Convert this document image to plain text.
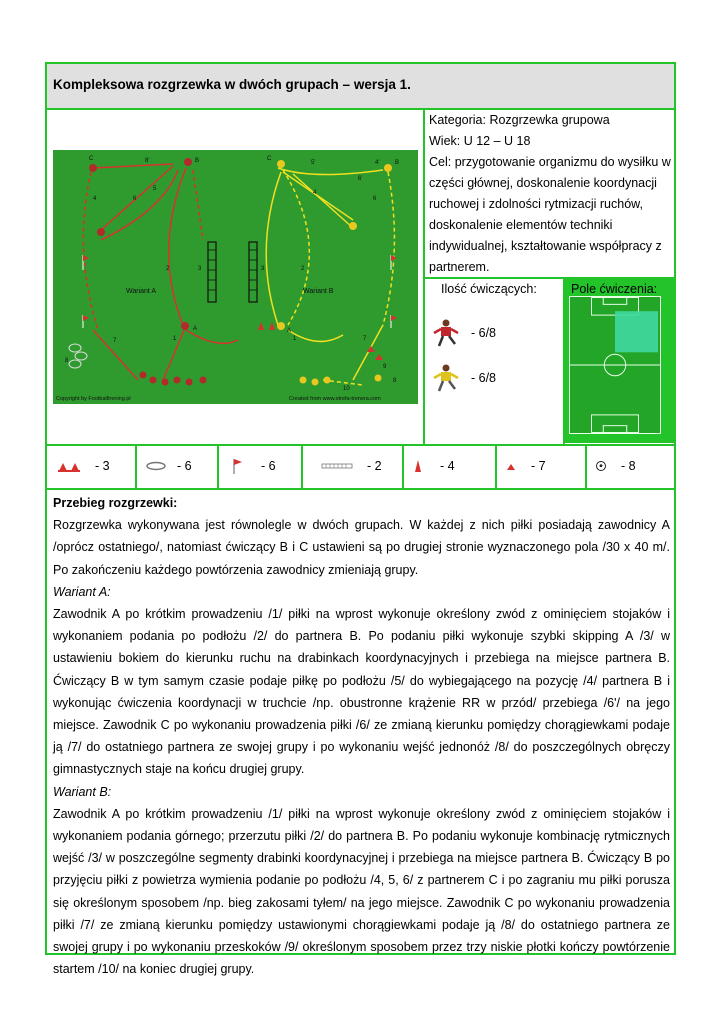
Kompleksowa rozgrzewka w dwóch grupach – wersja 1.
Wariant A	Wariant B
Copyright by Footballtrening.pl	Created from www.strefa-trenera.com
C	B
8'
6
4
5
3
2
1
7
8
A
C
B
5'
6'
4'
4
6
3	2
1	7
9
10
8
A
Kategoria: Rozgrzewka grupowa
Wiek: U 12 – U 18
Cel: przygotowanie organizmu do wysiłku w
części głównej, doskonalenie koordynacji
ruchowej i zdolności rytmizacji ruchów,
doskonalenie elementów techniki
indywidualnej, kształtowanie współpracy z
partnerem.
Ilość ćwiczących:
- 6/8
- 6/8
Pole ćwiczenia:
- 3	- 6	- 6	- 2	- 4	- 7	- 8

Przebieg rozgrzewki:

Rozgrzewka wykonywana jest równolegle w dwóch grupach. W każdej z nich piłki posiadają zawodnicy A /oprócz ostatniego/, natomiast ćwiczący B i C ustawieni są po drugiej stronie wyznaczonego pola /30 x 40 m/. Po zakończeniu każdego powtórzenia zawodnicy zmieniają grupy.

Wariant A:

Zawodnik A po krótkim prowadzeniu /1/ piłki na wprost wykonuje określony zwód z ominięciem stojaków i wykonaniem podania po podłożu /2/ do partnera B. Po podaniu piłki wykonuje szybki skipping A /3/ w ustawieniu bokiem do kierunku ruchu na drabinkach koordynacyjnych i przebiega na miejsce partnera B. Ćwiczący B w tym samym czasie podaje piłkę po podłożu /5/ do wybiegającego na pozycję /4/ partnera B i wykonując ćwiczenia koordynacji w truchcie /np. obustronne krążenie RR w przód/ przebiega /6'/ na jego miejsce. Zawodnik C po wykonaniu prowadzenia piłki /6/ ze zmianą kierunku pomiędzy chorągiewkami podaje ją /7/ do ostatniego partnera ze swojej grupy i po wykonaniu wejść jednonóż /8/ do poszczególnych obręczy gimnastycznych staje na końcu drugiej grupy.

Wariant B:

Zawodnik A po krótkim prowadzeniu /1/ piłki na wprost wykonuje określony zwód z ominięciem stojaków i wykonaniem podania górnego; przerzutu piłki /2/ do partnera B. Po podaniu wykonuje kombinację rytmicznych wejść /3/ w poszczególne segmenty drabinki koordynacyjnej i przebiega na miejsce partnera B. Ćwiczący B po przyjęciu piłki z powietrza wymienia podanie po podłożu /4, 5, 6/ z partnerem C i po zagraniu mu piłki porusza się określonym sposobem /np. bieg zakosami tyłem/ na jego miejsce. Zawodnik C po wykonaniu prowadzenia piłki /7/ ze zmianą kierunku pomiędzy ustawionymi chorągiewkami podaje ją /8/ do ostatniego partnera ze swojej grupy i po wykonaniu przeskoków /9/ określonym sposobem przez trzy niskie płotki kończy powtórzenie startem /10/ na koniec drugiej grupy.
